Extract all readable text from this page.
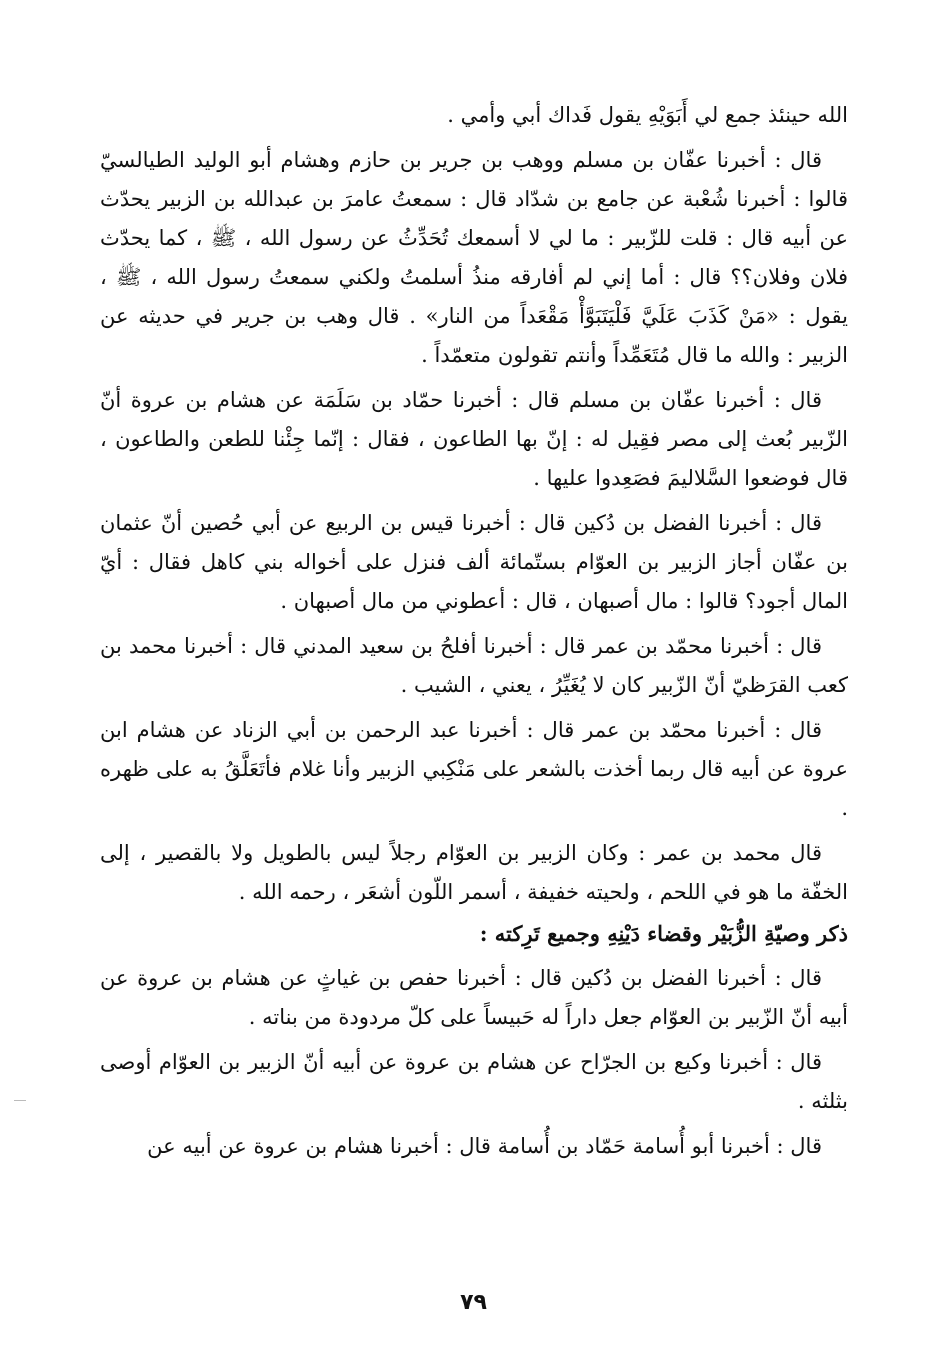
الله حينئذ جمع لي أَبَوَيْهِ يقول فَداك أبي وأمي .

قال : أخبرنا عفّان بن مسلم ووهب بن جرير بن حازم وهشام أبو الوليد الطيالسيّ قالوا : أخبرنا شُعْبة عن جامع بن شدّاد قال : سمعتُ عامرَ بن عبدالله بن الزبير يحدّث عن أبيه قال : قلت للزّبير : ما لي لا أسمعك تُحَدِّثُ عن رسول الله ، ﷺ ، كما يحدّث فلان وفلان؟؟ قال : أما إني لم أفارقه منذُ أسلمتُ ولكني سمعتُ رسول الله ، ﷺ ، يقول : «مَنْ كَذَبَ عَلَيَّ فَلْيَتَبَوَّأْ مَقْعَداً من النار» . قال وهب بن جرير في حديثه عن الزبير : والله ما قال مُتَعَمِّداً وأنتم تقولون متعمّداً .

قال : أخبرنا عفّان بن مسلم قال : أخبرنا حمّاد بن سَلَمَة عن هشام بن عروة أنّ الزّبير بُعث إلى مصر فقِيل له : إنّ بها الطاعون ، فقال : إنّما جِئْنا للطعن والطاعون ، قال فوضعوا السَّلاليمَ فصَعِدوا عليها .

قال : أخبرنا الفضل بن دُكين قال : أخبرنا قيس بن الربيع عن أبي حُصين أنّ عثمان بن عفّان أجاز الزبير بن العوّام بستّمائة ألف فنزل على أخواله بني كاهل فقال : أيّ المال أجود؟ قالوا : مال أصبهان ، قال : أعطوني من مال أصبهان .

قال : أخبرنا محمّد بن عمر قال : أخبرنا أفلحُ بن سعيد المدني قال : أخبرنا محمد بن كعب القرَظيّ أنّ الزّبير كان لا يُغَيِّرُ ، يعني ، الشيب .

قال : أخبرنا محمّد بن عمر قال : أخبرنا عبد الرحمن بن أبي الزناد عن هشام ابن عروة عن أبيه قال ربما أخذت بالشعر على مَنْكِبي الزبير وأنا غلام فأتَعَلَّقُ به على ظهره .

قال محمد بن عمر : وكان الزبير بن العوّام رجلاً ليس بالطويل ولا بالقصير ، إلى الخفّة ما هو في اللحم ، ولحيته خفيفة ، أسمر اللّون أشعَر ، رحمه الله .

ذكر وصيّةِ الزُّبَيْر وقضاء دَيْنِهِ وجميع تَرِكته :

قال : أخبرنا الفضل بن دُكين قال : أخبرنا حفص بن غياثٍ عن هشام بن عروة عن أبيه أنّ الزّبير بن العوّام جعل داراً له حَبيساً على كلّ مردودة من بناته .

قال : أخبرنا وكيع بن الجرّاح عن هشام بن عروة عن أبيه أنّ الزبير بن العوّام أوصى بثلثه .

قال : أخبرنا أبو أُسامة حَمّاد بن أُسامة قال : أخبرنا هشام بن عروة عن أبيه عن

٧٩
